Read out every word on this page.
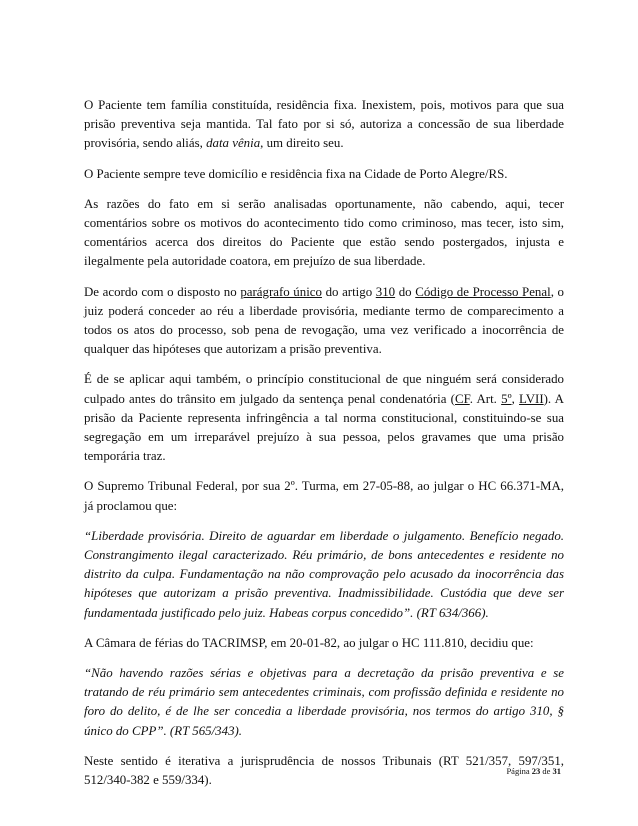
O Paciente tem família constituída, residência fixa. Inexistem, pois, motivos para que sua prisão preventiva seja mantida. Tal fato por si só, autoriza a concessão de sua liberdade provisória, sendo aliás, data vênia, um direito seu.

O Paciente sempre teve domicílio e residência fixa na Cidade de Porto Alegre/RS.

As razões do fato em si serão analisadas oportunamente, não cabendo, aqui, tecer comentários sobre os motivos do acontecimento tido como criminoso, mas tecer, isto sim, comentários acerca dos direitos do Paciente que estão sendo postergados, injusta e ilegalmente pela autoridade coatora, em prejuízo de sua liberdade.

De acordo com o disposto no parágrafo único do artigo 310 do Código de Processo Penal, o juiz poderá conceder ao réu a liberdade provisória, mediante termo de comparecimento a todos os atos do processo, sob pena de revogação, uma vez verificado a inocorrência de qualquer das hipóteses que autorizam a prisão preventiva.

É de se aplicar aqui também, o princípio constitucional de que ninguém será considerado culpado antes do trânsito em julgado da sentença penal condenatória (CF. Art. 5º, LVII). A prisão da Paciente representa infringência a tal norma constitucional, constituindo-se sua segregação em um irreparável prejuízo à sua pessoa, pelos gravames que uma prisão temporária traz.

O Supremo Tribunal Federal, por sua 2º. Turma, em 27-05-88, ao julgar o HC 66.371-MA, já proclamou que:

“Liberdade provisória. Direito de aguardar em liberdade o julgamento. Benefício negado. Constrangimento ilegal caracterizado. Réu primário, de bons antecedentes e residente no distrito da culpa. Fundamentação na não comprovação pelo acusado da inocorrência das hipóteses que autorizam a prisão preventiva. Inadmissibilidade. Custódia que deve ser fundamentada justificado pelo juiz. Habeas corpus concedido”. (RT 634/366).

A Câmara de férias do TACRIMSP, em 20-01-82, ao julgar o HC 111.810, decidiu que:

“Não havendo razões sérias e objetivas para a decretação da prisão preventiva e se tratando de réu primário sem antecedentes criminais, com profissão definida e residente no foro do delito, é de lhe ser concedia a liberdade provisória, nos termos do artigo 310, § único do CPP”. (RT 565/343).

Neste sentido é iterativa a jurisprudência de nossos Tribunais (RT 521/357, 597/351, 512/340-382 e 559/334).

Página 23 de 31
